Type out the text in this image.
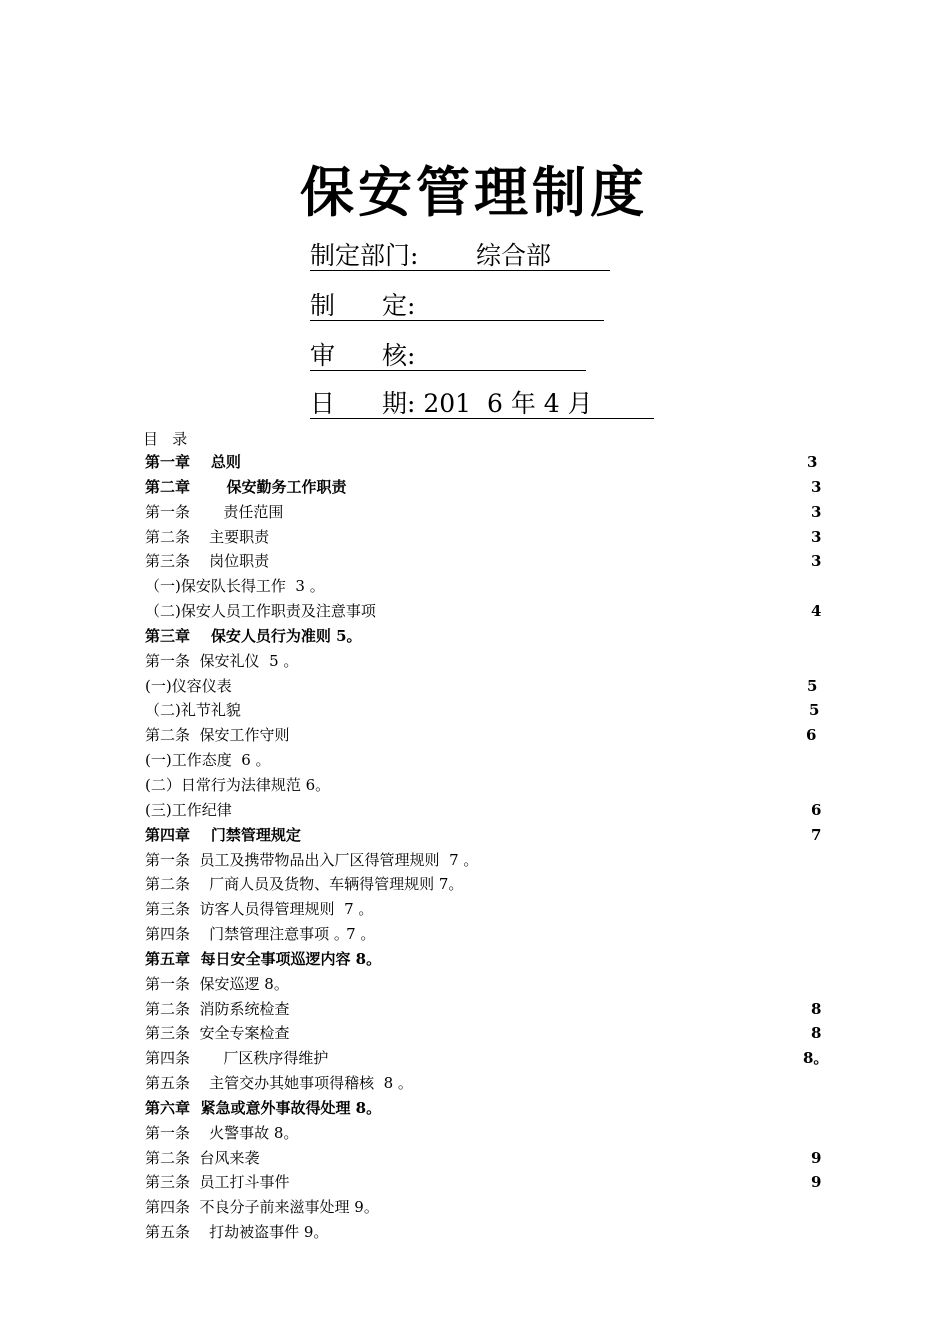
保安管理制度
制定部门: 综合部
制 定:
审 核:
日 期: 201  6 年 4 月
目   录
第一章    总则	3
第二章       保安勤务工作职责	3
第一条       责任范围	3
第二条    主要职责	3
第三条    岗位职责	3
（一)保安队长得工作  3 ｡
（二)保安人员工作职责及注意事项	4
第三章    保安人员行为准则 5｡
第一条  保安礼仪  5 ｡
(一)仪容仪表	5
（二)礼节礼貌	5
第二条  保安工作守则	6
(一)工作态度  6 ｡
(二）日常行为法律规范 6｡
(三)工作纪律	6
第四章    门禁管理规定	7
第一条  员工及携带物品出入厂区得管理规则  7 ｡
第二条    厂商人员及货物、车辆得管理规则 7｡
第三条  访客人员得管理规则  7 ｡
第四条    门禁管理注意事项 ｡ 7 ｡
第五章  每日安全事项巡逻内容 8｡
第一条  保安巡逻 8｡
第二条  消防系统检查	8
第三条  安全专案检查	8
第四条       厂区秩序得维护	8｡
第五条    主管交办其她事项得稽核  8 ｡
第六章  紧急或意外事故得处理 8｡
第一条    火警事故 8｡
第二条  台风来袭	9
第三条  员工打斗事件	9
第四条  不良分子前来滋事处理 9｡
第五条    打劫被盗事件 9｡
